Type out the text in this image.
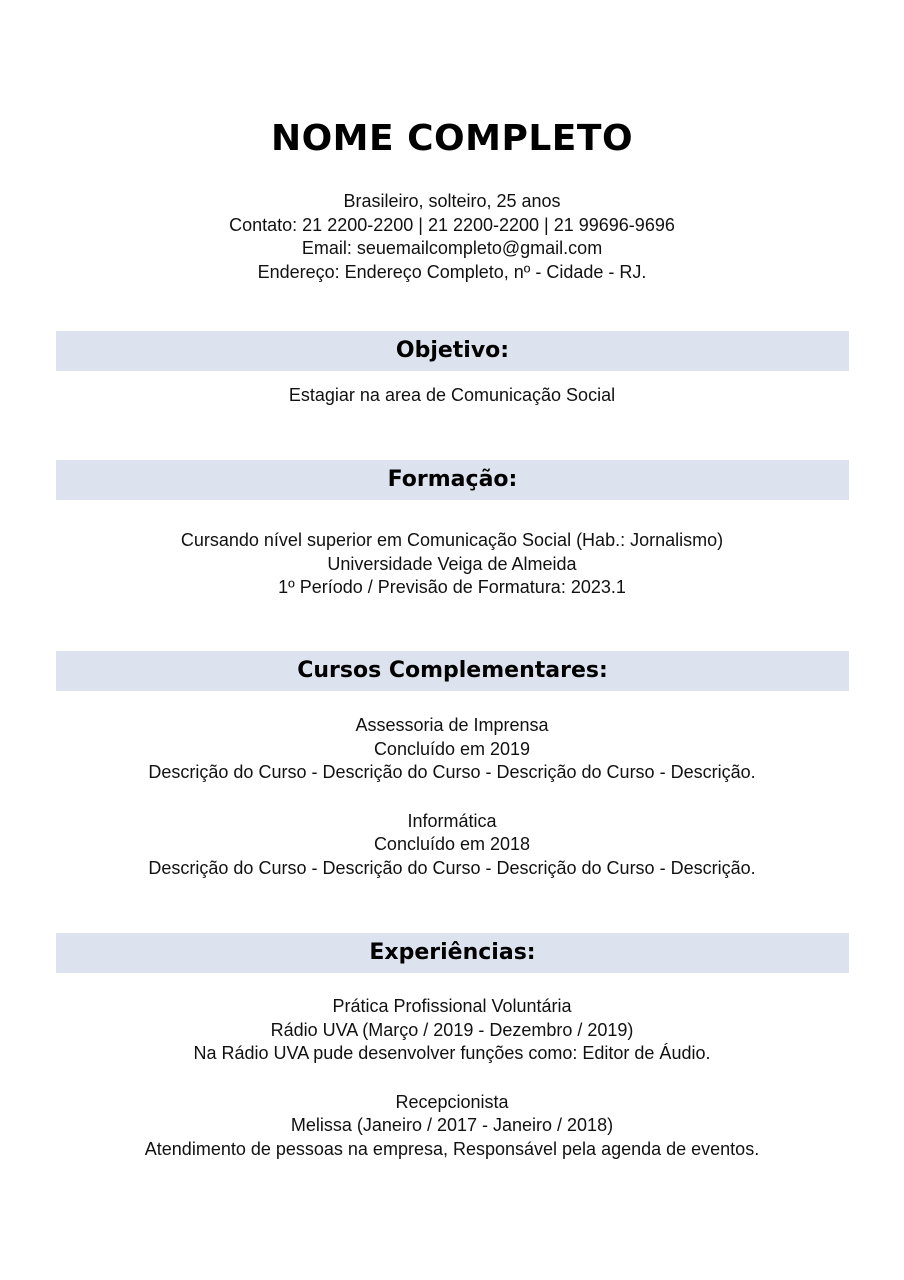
NOME COMPLETO
Brasileiro, solteiro, 25 anos
Contato: 21 2200-2200 | 21 2200-2200 | 21 99696-9696
Email: seuemailcompleto@gmail.com
Endereço: Endereço Completo, nº - Cidade - RJ.
Objetivo:
Estagiar na area de Comunicação Social
Formação:
Cursando nível superior em Comunicação Social (Hab.: Jornalismo)
Universidade Veiga de Almeida
1º Período / Previsão de Formatura: 2023.1
Cursos Complementares:
Assessoria de Imprensa
Concluído em 2019
Descrição do Curso - Descrição do Curso - Descrição do Curso - Descrição.
Informática
Concluído em 2018
Descrição do Curso - Descrição do Curso - Descrição do Curso - Descrição.
Experiências:
Prática Profissional Voluntária
Rádio UVA (Março / 2019 - Dezembro / 2019)
Na Rádio UVA pude desenvolver funções como: Editor de Áudio.
Recepcionista
Melissa (Janeiro / 2017 - Janeiro / 2018)
Atendimento de pessoas na empresa, Responsável pela agenda de eventos.
